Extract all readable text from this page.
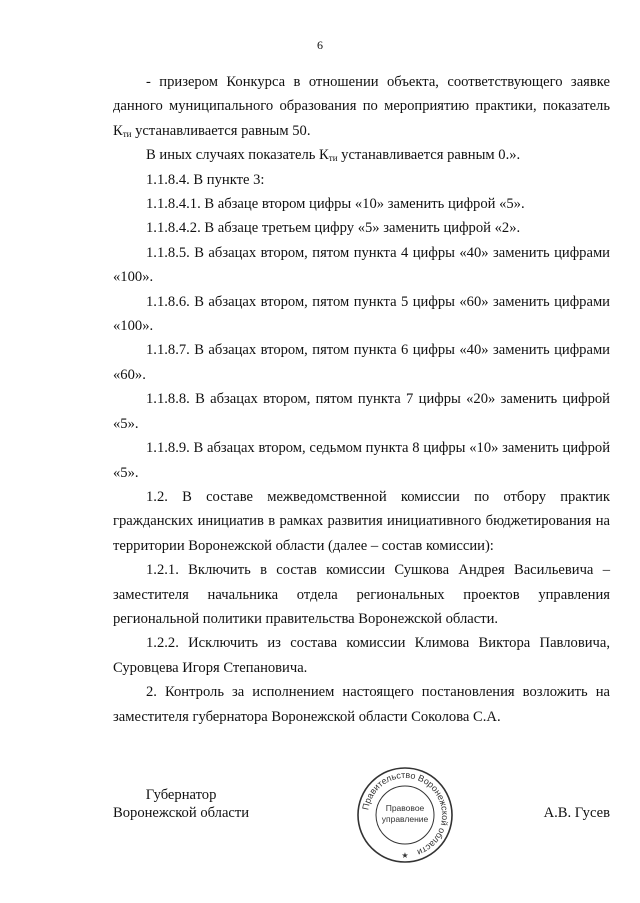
6

- призером Конкурса в отношении объекта, соответствующего заявке данного муниципального образования по мероприятию практики, показатель $К_{ти}$ устанавливается равным 50.

В иных случаях показатель $К_{ти}$ устанавливается равным 0.».

1.1.8.4. В пункте 3:

1.1.8.4.1. В абзаце втором цифры «10» заменить цифрой «5».

1.1.8.4.2. В абзаце третьем цифру «5» заменить цифрой «2».

1.1.8.5. В абзацах втором, пятом пункта 4 цифры «40» заменить цифрами «100».

1.1.8.6. В абзацах втором, пятом пункта 5 цифры «60» заменить цифрами «100».

1.1.8.7. В абзацах втором, пятом пункта 6 цифры «40» заменить цифрами «60».

1.1.8.8. В абзацах втором, пятом пункта 7 цифры «20» заменить цифрой «5».

1.1.8.9. В абзацах втором, седьмом пункта 8 цифры «10» заменить цифрой «5».

1.2. В составе межведомственной комиссии по отбору практик гражданских инициатив в рамках развития инициативного бюджетирования на территории Воронежской области (далее – состав комиссии):

1.2.1. Включить в состав комиссии Сушкова Андрея Васильевича – заместителя начальника отдела региональных проектов управления региональной политики правительства Воронежской области.

1.2.2. Исключить из состава комиссии Климова Виктора Павловича, Суровцева Игоря Степановича.

2. Контроль за исполнением настоящего постановления возложить на заместителя губернатора Воронежской области Соколова С.А.

Губернатор
Воронежской области	Правительство Воронежской области
Правовое
управление
★
А.В. Гусев
